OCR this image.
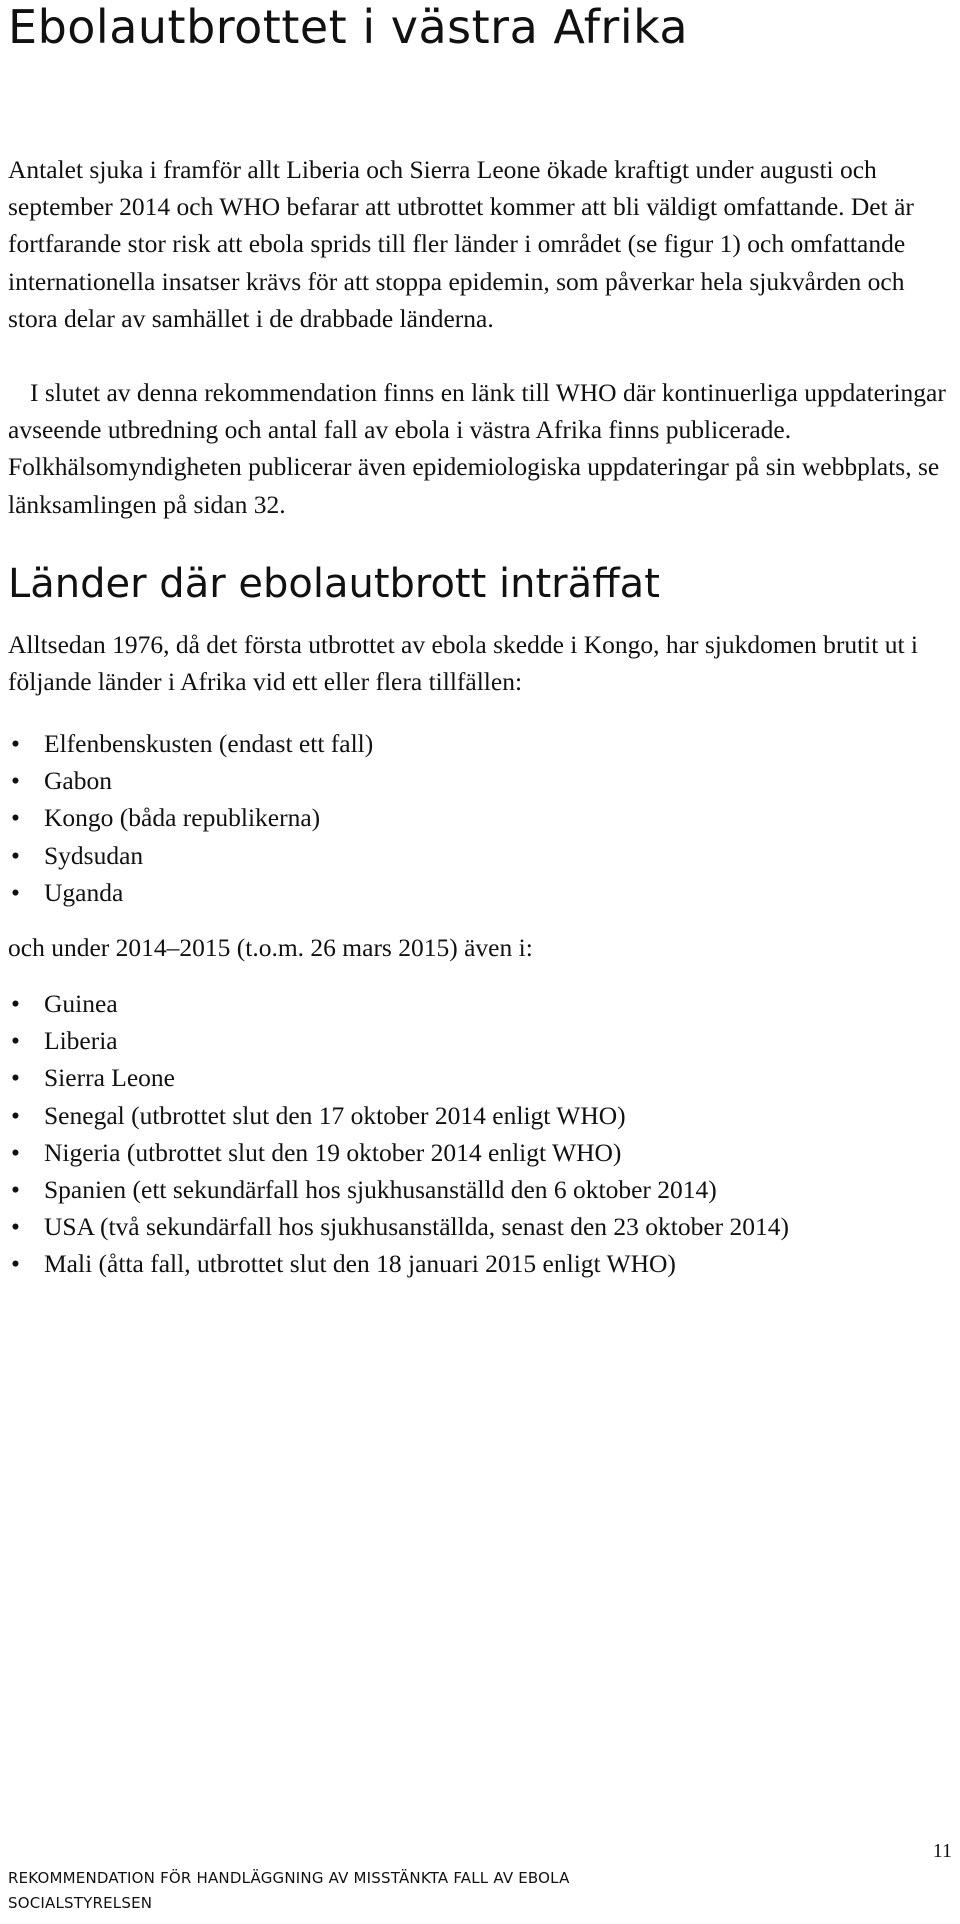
Ebolautbrottet i västra Afrika

Antalet sjuka i framför allt Liberia och Sierra Leone ökade kraftigt under augusti och september 2014 och WHO befarar att utbrottet kommer att bli väldigt omfattande. Det är fortfarande stor risk att ebola sprids till fler länder i området (se figur 1) och omfattande internationella insatser krävs för att stoppa epidemin, som påverkar hela sjukvården och stora delar av samhället i de drabbade länderna.

I slutet av denna rekommendation finns en länk till WHO där kontinuerliga uppdateringar avseende utbredning och antal fall av ebola i västra Afrika finns publicerade. Folkhälsomyndigheten publicerar även epidemiologiska uppdateringar på sin webbplats, se länksamlingen på sidan 32.

Länder där ebolautbrott inträffat

Alltsedan 1976, då det första utbrottet av ebola skedde i Kongo, har sjukdomen brutit ut i följande länder i Afrika vid ett eller flera tillfällen:

• Elfenbenskusten (endast ett fall)
• Gabon
• Kongo (båda republikerna)
• Sydsudan
• Uganda

och under 2014–2015 (t.o.m. 26 mars 2015) även i:

• Guinea
• Liberia
• Sierra Leone
• Senegal (utbrottet slut den 17 oktober 2014 enligt WHO)
• Nigeria (utbrottet slut den 19 oktober 2014 enligt WHO)
• Spanien (ett sekundärfall hos sjukhusanställd den 6 oktober 2014)
• USA (två sekundärfall hos sjukhusanställda, senast den 23 oktober 2014)
• Mali (åtta fall, utbrottet slut den 18 januari 2015 enligt WHO)
11
REKOMMENDATION FÖR HANDLÄGGNING AV MISSTÄNKTA FALL AV EBOLA
SOCIALSTYRELSEN
